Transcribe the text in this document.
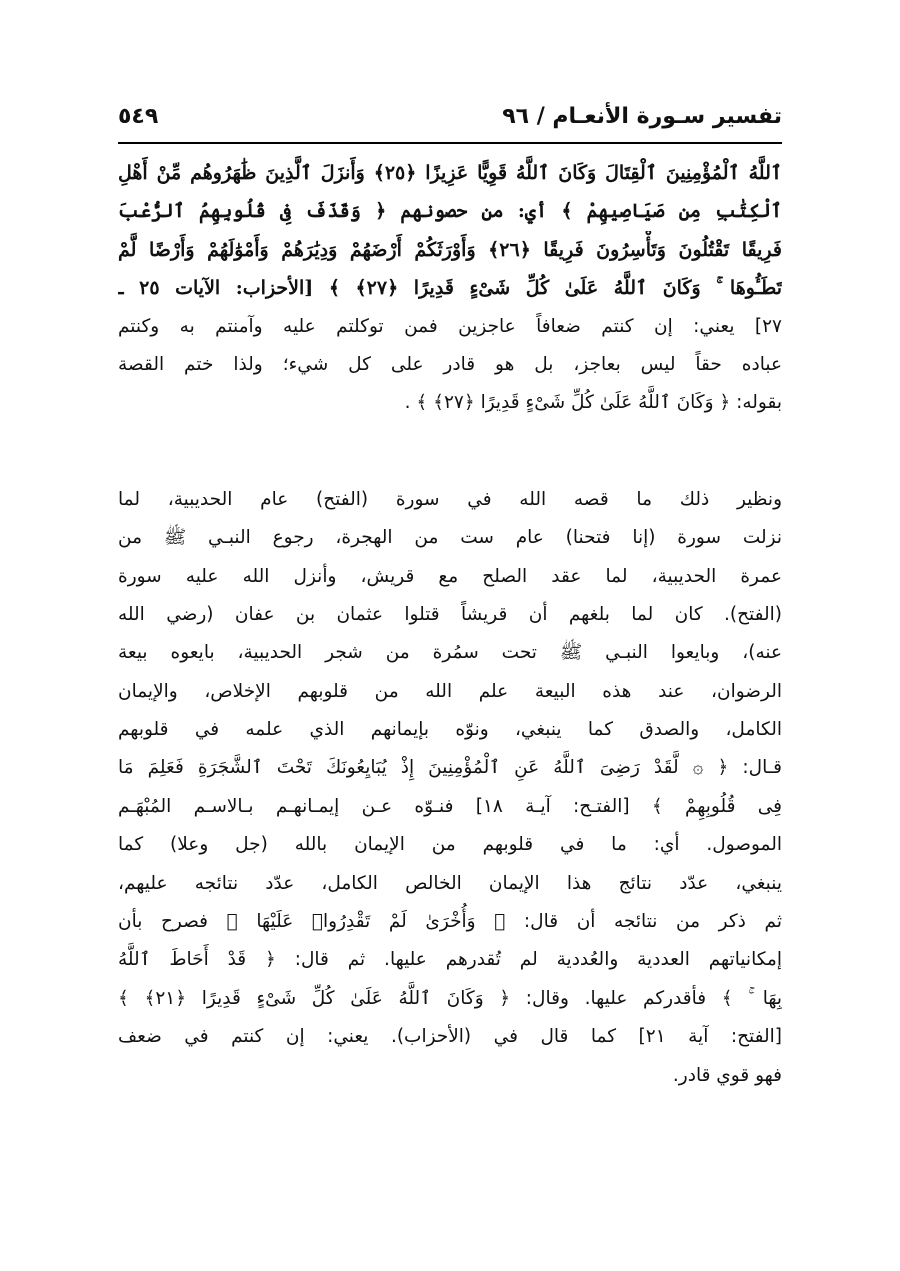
تفسير سـورة الأنعـام / ٩٦
٥٤٩
ٱللَّهُ ٱلْمُؤْمِنِينَ ٱلْقِتَالَ وَكَانَ ٱللَّهُ قَوِيًّا عَزِيزًا ﴿٢٥﴾ وَأَنزَلَ ٱلَّذِينَ ظَٰهَرُوهُم مِّنْ أَهْلِ
ٱلْكِتَٰبِ مِن صَيَاصِيهِمْ ﴾ أي: من حصونهم ﴿ وَقَذَفَ فِى قُلُوبِهِمُ ٱلرُّعْبَ
فَرِيقًا تَقْتُلُونَ وَتَأْسِرُونَ فَرِيقًا ﴿٢٦﴾ وَأَوْرَثَكُمْ أَرْضَهُمْ وَدِيَٰرَهُمْ وَأَمْوَٰلَهُمْ وَأَرْضًا لَّمْ
تَطَـُٔوهَا ۚ وَكَانَ ٱللَّهُ عَلَىٰ كُلِّ شَىْءٍ قَدِيرًا ﴿٢٧﴾ ﴾ [الأحزاب: الآيات ٢٥ ـ
٢٧] يعني: إن كنتم ضعافاً عاجزين فمن توكلتم عليه وآمنتم به وكنتم
عباده حقاً ليس بعاجز، بل هو قادر على كل شيء؛ ولذا ختم القصة
بقوله: ﴿ وَكَانَ ٱللَّهُ عَلَىٰ كُلِّ شَىْءٍ قَدِيرًا ﴿٢٧﴾ ﴾ .
ونظير ذلك ما قصه الله في سورة (الفتح) عام الحديبية، لما
نزلت سورة (إنا فتحنا) عام ست من الهجرة، رجوع النبـي ﷺ من
عمرة الحديبية، لما عقد الصلح مع قريش، وأنزل الله عليه سورة
(الفتح). كان لما بلغهم أن قريشاً قتلوا عثمان بن عفان (رضي الله
عنه)، وبايعوا النبـي ﷺ تحت سمُرة من شجر الحديبية، بايعوه بيعة
الرضوان، عند هذه البيعة علم الله من قلوبهم الإخلاص، والإيمان
الكامل، والصدق كما ينبغي، ونوّه بإيمانهم الذي علمه في قلوبهم
قـال: ﴿ ۞ لَّقَدْ رَضِىَ ٱللَّهُ عَنِ ٱلْمُؤْمِنِينَ إِذْ يُبَايِعُونَكَ تَحْتَ ٱلشَّجَرَةِ فَعَلِمَ مَا
فِى قُلُوبِهِمْ ﴾ [الفتـح: آيـة ١٨] فنـوّه عـن إيمـانهـم بـالاسـم المُبْهَـم
الموصول. أي: ما في قلوبهم من الإيمان بالله (جل وعلا) كما
ينبغي، عدّد نتائج هذا الإيمان الخالص الكامل، عدّد نتائجه عليهم،
ثم ذكر من نتائجه أن قال: ﴿ وَأُخْرَىٰ لَمْ تَقْدِرُوا۟ عَلَيْهَا ﴾ فصرح بأن
إمكانياتهم العددية والعُددية لم تُقدرهم عليها. ثم قال: ﴿ قَدْ أَحَاطَ ٱللَّهُ
بِهَا ۚ ﴾ فأقدركم عليها. وقال: ﴿ وَكَانَ ٱللَّهُ عَلَىٰ كُلِّ شَىْءٍ قَدِيرًا ﴿٢١﴾ ﴾
[الفتح: آية ٢١] كما قال في (الأحزاب). يعني: إن كنتم في ضعف
فهو قوي قادر.
